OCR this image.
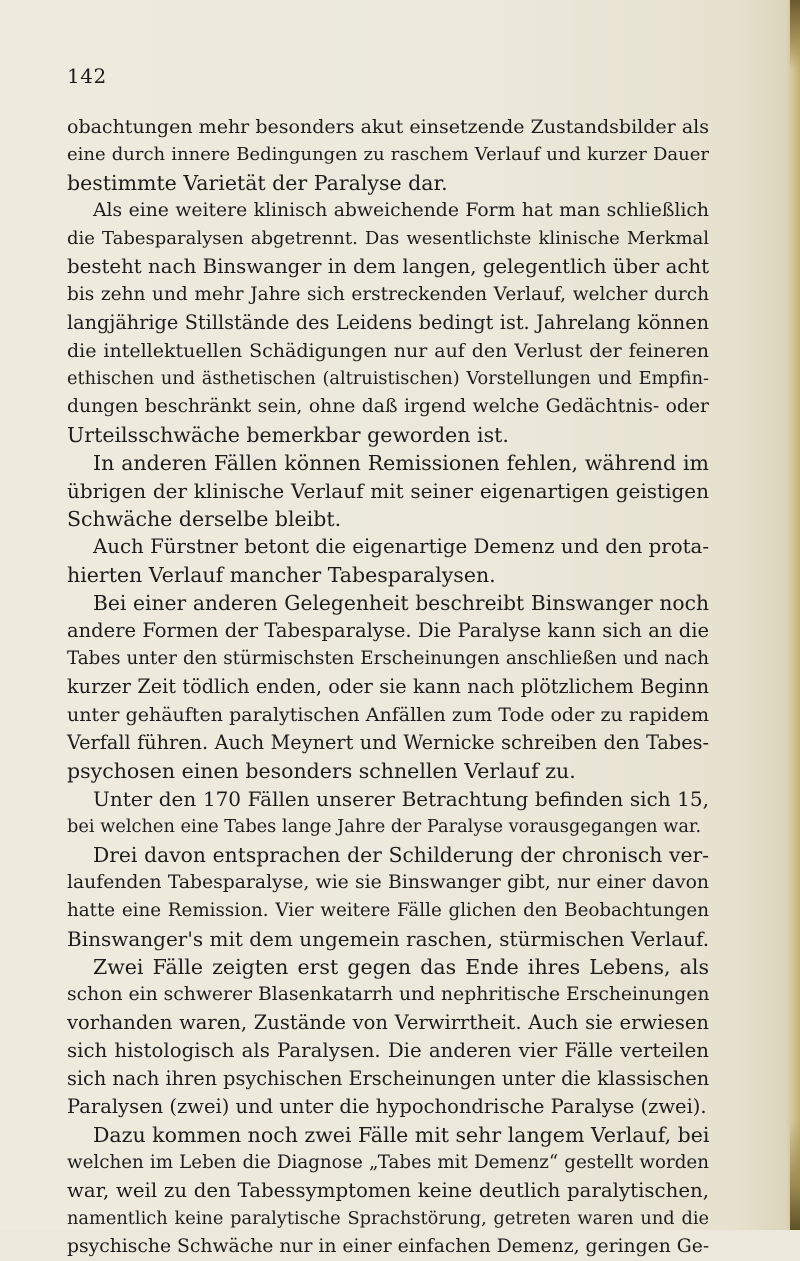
142

obachtungen mehr besonders akut einsetzende Zustandsbilder als
eine durch innere Bedingungen zu raschem Verlauf und kurzer Dauer
bestimmte Varietät der Paralyse dar.
Als eine weitere klinisch abweichende Form hat man schließlich
die Tabesparalysen abgetrennt. Das wesentlichste klinische Merkmal
besteht nach Binswanger in dem langen, gelegentlich über acht
bis zehn und mehr Jahre sich erstreckenden Verlauf, welcher durch
langjährige Stillstände des Leidens bedingt ist. Jahrelang können
die intellektuellen Schädigungen nur auf den Verlust der feineren
ethischen und ästhetischen (altruistischen) Vorstellungen und Empfin-
dungen beschränkt sein, ohne daß irgend welche Gedächtnis- oder
Urteilsschwäche bemerkbar geworden ist.
In anderen Fällen können Remissionen fehlen, während im
übrigen der klinische Verlauf mit seiner eigenartigen geistigen
Schwäche derselbe bleibt.
Auch Fürstner betont die eigenartige Demenz und den prota-
hierten Verlauf mancher Tabesparalysen.
Bei einer anderen Gelegenheit beschreibt Binswanger noch
andere Formen der Tabesparalyse. Die Paralyse kann sich an die
Tabes unter den stürmischsten Erscheinungen anschließen und nach
kurzer Zeit tödlich enden, oder sie kann nach plötzlichem Beginn
unter gehäuften paralytischen Anfällen zum Tode oder zu rapidem
Verfall führen. Auch Meynert und Wernicke schreiben den Tabes-
psychosen einen besonders schnellen Verlauf zu.
Unter den 170 Fällen unserer Betrachtung befinden sich 15,
bei welchen eine Tabes lange Jahre der Paralyse vorausgegangen war.
Drei davon entsprachen der Schilderung der chronisch ver-
laufenden Tabesparalyse, wie sie Binswanger gibt, nur einer davon
hatte eine Remission. Vier weitere Fälle glichen den Beobachtungen
Binswanger's mit dem ungemein raschen, stürmischen Verlauf.
Zwei Fälle zeigten erst gegen das Ende ihres Lebens, als
schon ein schwerer Blasenkatarrh und nephritische Erscheinungen
vorhanden waren, Zustände von Verwirrtheit. Auch sie erwiesen
sich histologisch als Paralysen. Die anderen vier Fälle verteilen
sich nach ihren psychischen Erscheinungen unter die klassischen
Paralysen (zwei) und unter die hypochondrische Paralyse (zwei).
Dazu kommen noch zwei Fälle mit sehr langem Verlauf, bei
welchen im Leben die Diagnose „Tabes mit Demenz“ gestellt worden
war, weil zu den Tabessymptomen keine deutlich paralytischen,
namentlich keine paralytische Sprachstörung, getreten waren und die
psychische Schwäche nur in einer einfachen Demenz, geringen Ge-
